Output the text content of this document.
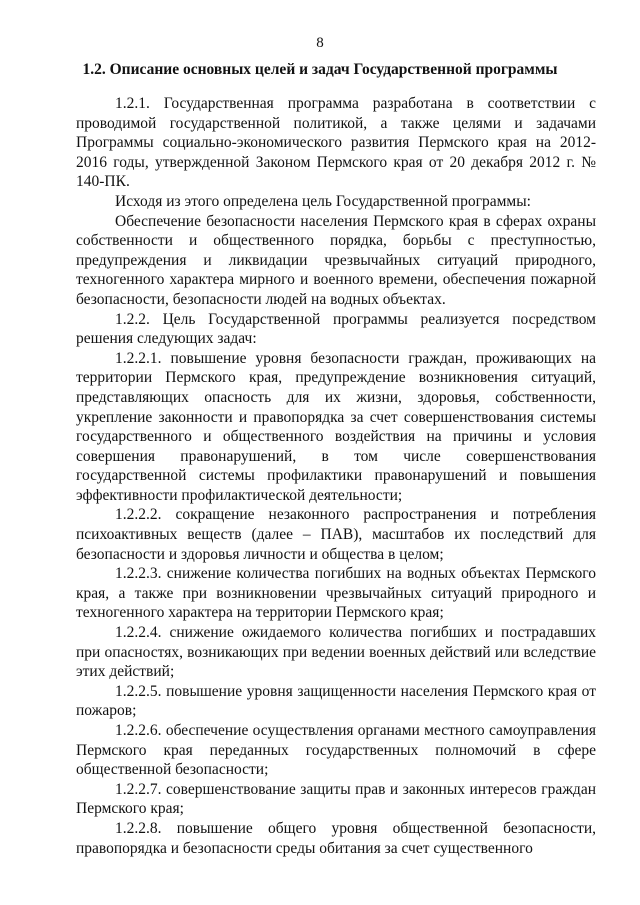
8
1.2. Описание основных целей и задач Государственной программы

1.2.1. Государственная программа разработана в соответствии с проводимой государственной политикой, а также целями и задачами Программы социально-экономического развития Пермского края на 2012-2016 годы, утвержденной Законом Пермского края от 20 декабря 2012 г. № 140-ПК.

Исходя из этого определена цель Государственной программы:

Обеспечение безопасности населения Пермского края в сферах охраны собственности и общественного порядка, борьбы с преступностью, предупреждения и ликвидации чрезвычайных ситуаций природного, техногенного характера мирного и военного времени, обеспечения пожарной безопасности, безопасности людей на водных объектах.

1.2.2. Цель Государственной программы реализуется посредством решения следующих задач:

1.2.2.1. повышение уровня безопасности граждан, проживающих на территории Пермского края, предупреждение возникновения ситуаций, представляющих опасность для их жизни, здоровья, собственности, укрепление законности и правопорядка за счет совершенствования системы государственного и общественного воздействия на причины и условия совершения правонарушений, в том числе совершенствования государственной системы профилактики правонарушений и повышения эффективности профилактической деятельности;

1.2.2.2. сокращение незаконного распространения и потребления психоактивных веществ (далее – ПАВ), масштабов их последствий для безопасности и здоровья личности и общества в целом;

1.2.2.3. снижение количества погибших на водных объектах Пермского края, а также при возникновении чрезвычайных ситуаций природного и техногенного характера на территории Пермского края;

1.2.2.4. снижение ожидаемого количества погибших и пострадавших при опасностях, возникающих при ведении военных действий или вследствие этих действий;

1.2.2.5. повышение уровня защищенности населения Пермского края от пожаров;

1.2.2.6. обеспечение осуществления органами местного самоуправления Пермского края переданных государственных полномочий в сфере общественной безопасности;

1.2.2.7. совершенствование защиты прав и законных интересов граждан Пермского края;

1.2.2.8. повышение общего уровня общественной безопасности, правопорядка и безопасности среды обитания за счет существенного
